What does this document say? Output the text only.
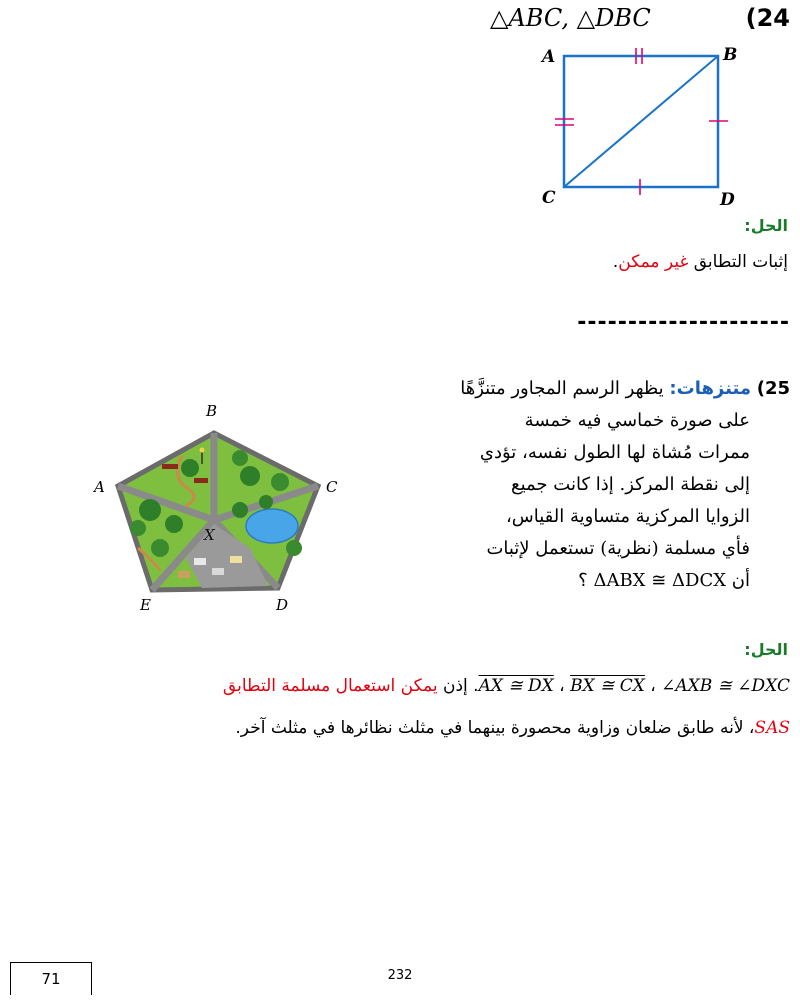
△ABC, △DBC	(24
A	B
C	D
الحل:
إثبات التطابق غير ممكن.
---------------------
25) متنزهات: يظهر الرسم المجاور متنزَّهًا
على صورة خماسي فيه خمسة
ممرات مُشاة لها الطول نفسه، تؤدي
إلى نقطة المركز. إذا كانت جميع
الزوايا المركزية متساوية القياس،
فأي مسلمة (نظرية) تستعمل لإثبات
أن ΔABX ≅ ΔDCX ؟
B
A	C
E	D
X
الحل:
AX ≅ DX ، BX ≅ CX ، ∠AXB ≅ ∠DXC. إذن يمكن استعمال مسلمة التطابق
SAS، لأنه طابق ضلعان وزاوية محصورة بينهما في مثلث نظائرها في مثلث آخر.
232
71
